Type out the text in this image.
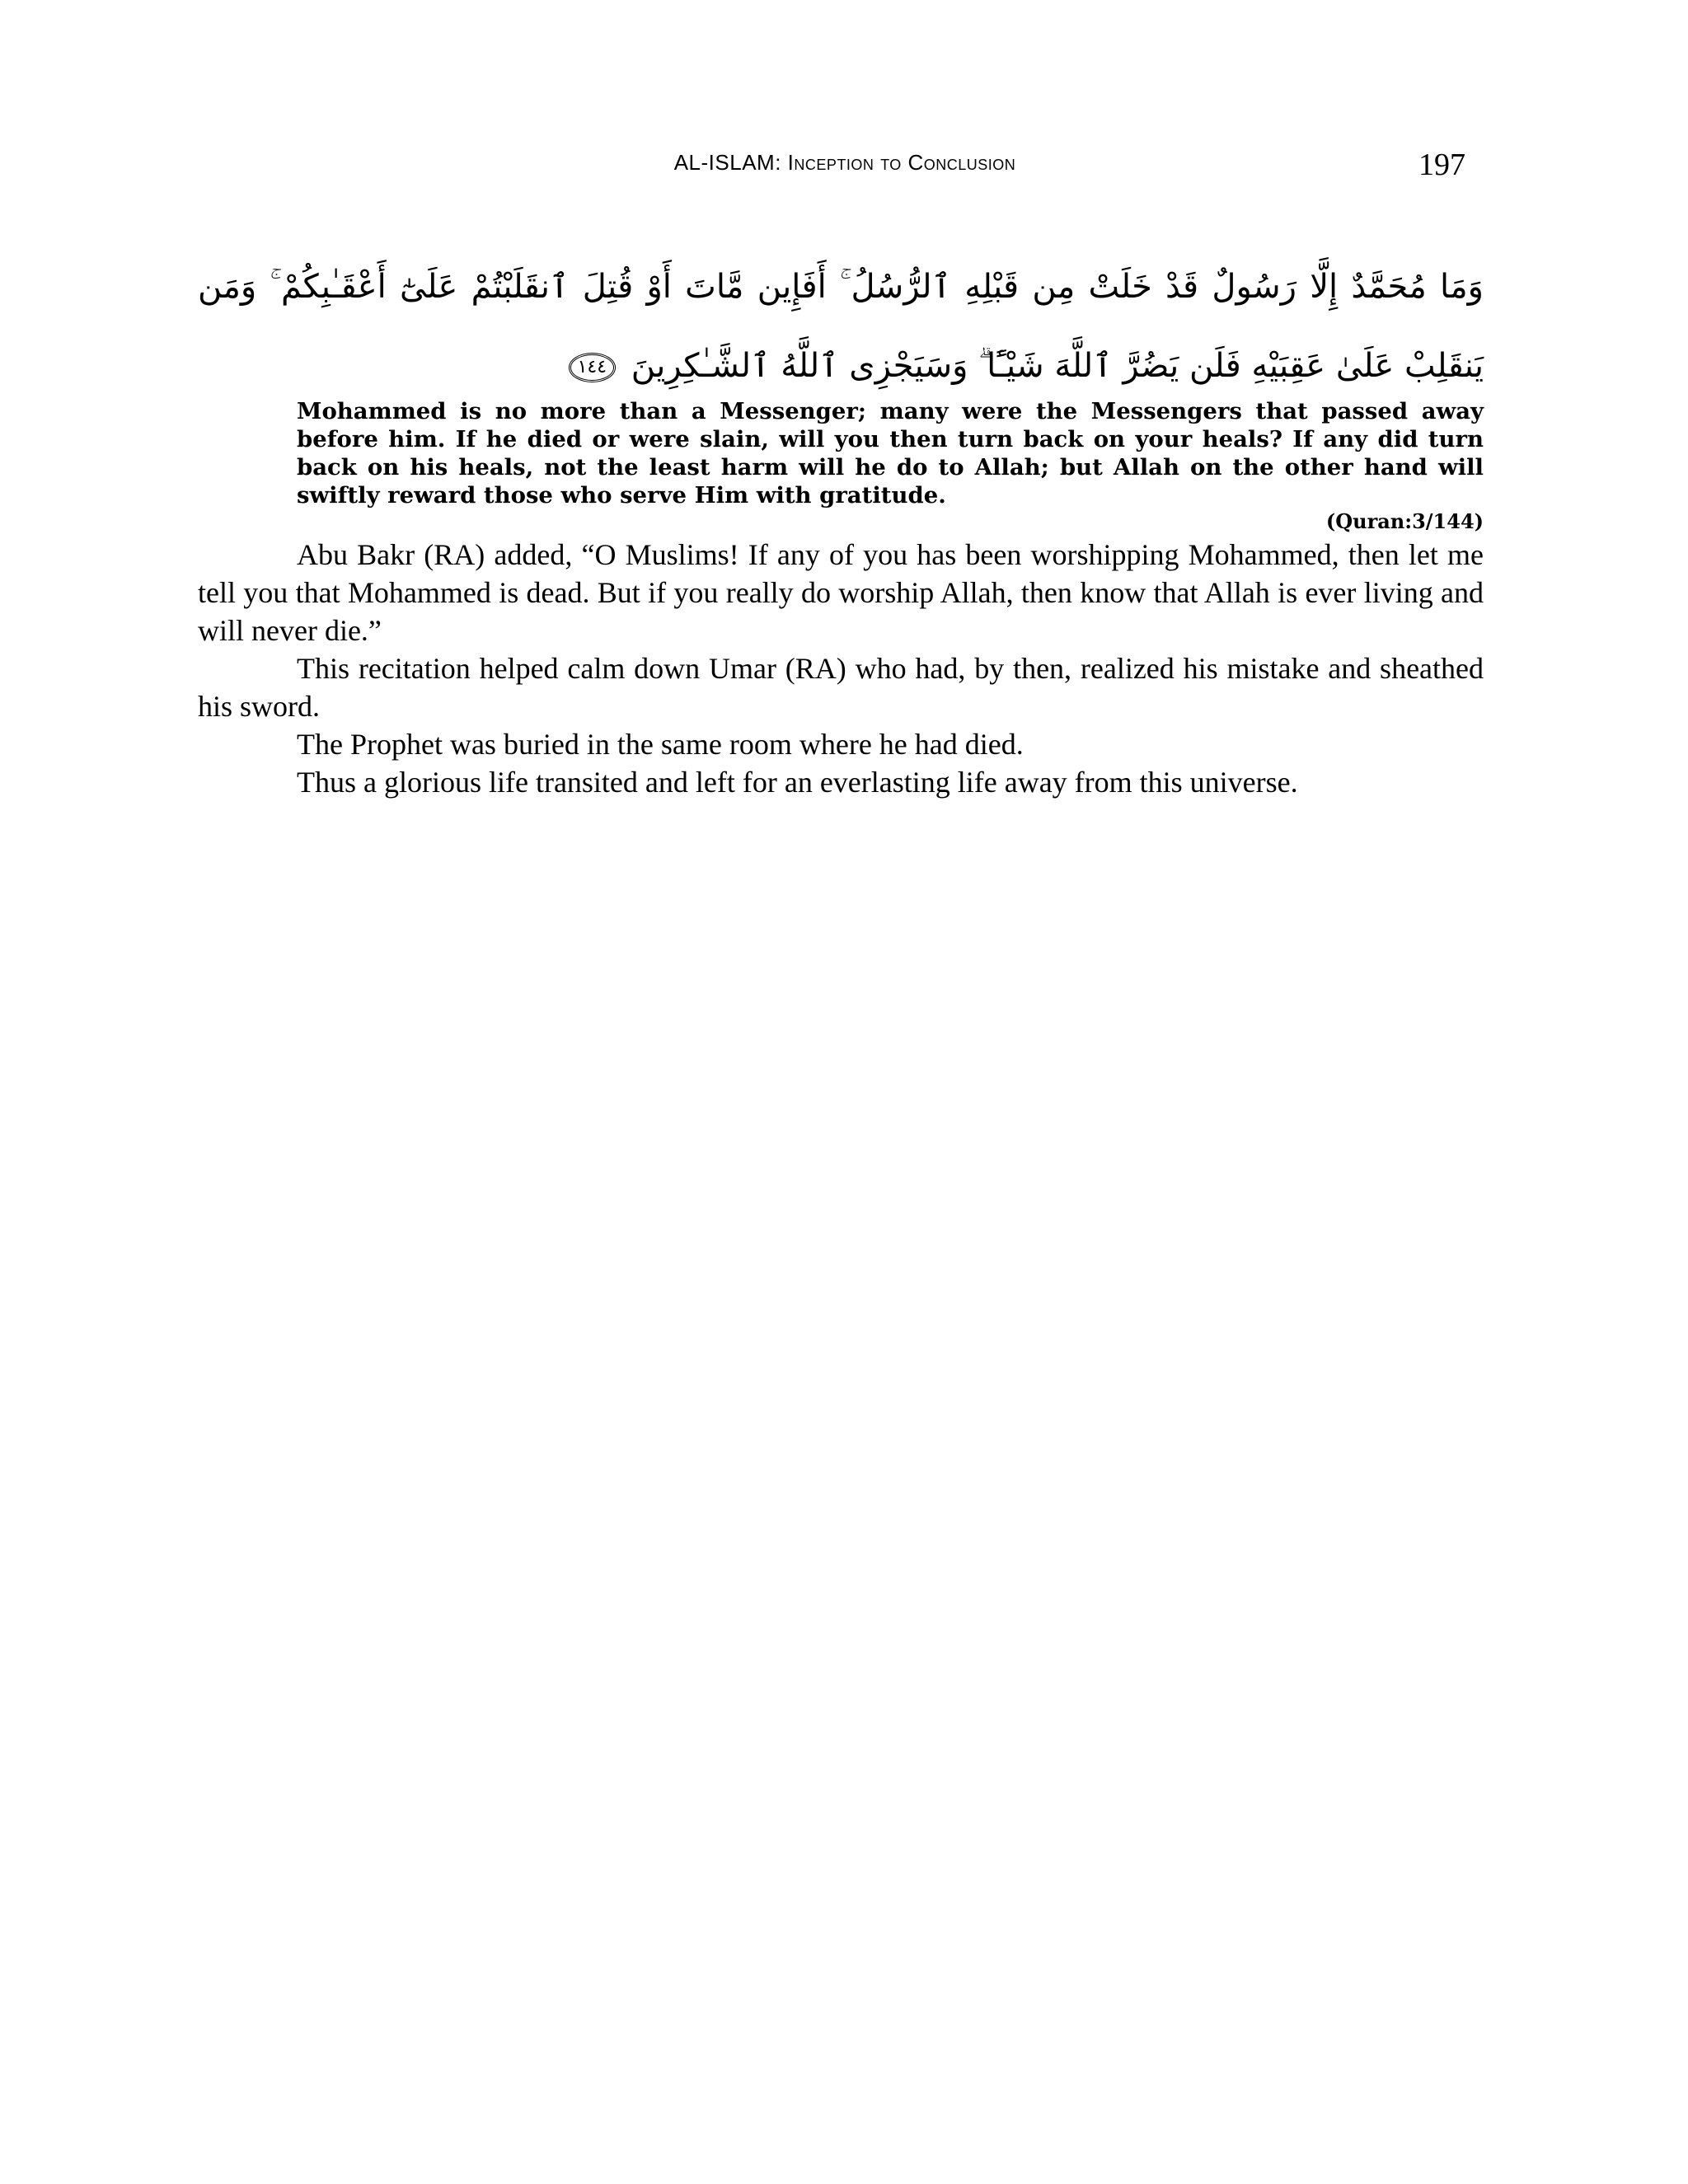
AL-ISLAM: Inception to Conclusion	197
وَمَا مُحَمَّدٌ إِلَّا رَسُولٌ قَدْ خَلَتْ مِن قَبْلِهِ ٱلرُّسُلُ ۚ أَفَإِين مَّاتَ أَوْ قُتِلَ ٱنقَلَبْتُمْ عَلَىٰٓ أَعْقَـٰبِكُمْ ۚ وَمَن يَنقَلِبْ عَلَىٰ عَقِبَيْهِ فَلَن يَضُرَّ ٱللَّهَ شَيْـًٔا ۗ وَسَيَجْزِى ٱللَّهُ ٱلشَّـٰكِرِينَ ١٤٤

Mohammed is no more than a Messenger; many were the Messengers that passed away before him. If he died or were slain, will you then turn back on your heals? If any did turn back on his heals, not the least harm will he do to Allah; but Allah on the other hand will swiftly reward those who serve Him with gratitude.

(Quran:3/144)

Abu Bakr (RA) added, “O Muslims! If any of you has been worshipping Mohammed, then let me tell you that Mohammed is dead. But if you really do worship Allah, then know that Allah is ever living and will never die.”

This recitation helped calm down Umar (RA) who had, by then, realized his mistake and sheathed his sword.

The Prophet was buried in the same room where he had died.

Thus a glorious life transited and left for an everlasting life away from this universe.
